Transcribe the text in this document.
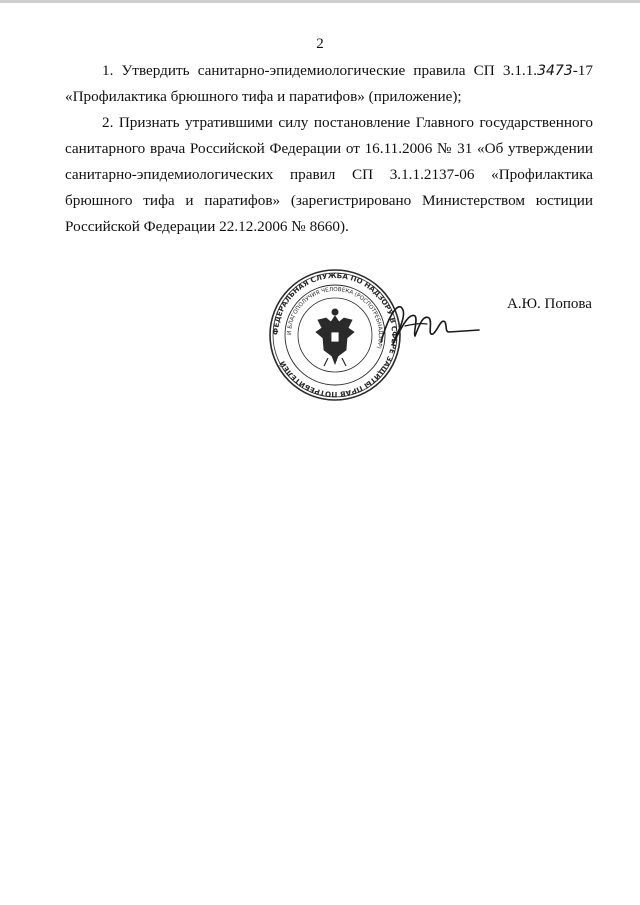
2

1. Утвердить санитарно-эпидемиологические правила СП 3.1.1.3473-17 «Профилактика брюшного тифа и паратифов» (приложение);

2. Признать утратившими силу постановление Главного государственного санитарного врача Российской Федерации от 16.11.2006 № 31 «Об утверждении санитарно-эпидемиологических правил СП 3.1.1.2137-06 «Профилактика брюшного тифа и паратифов» (зарегистрировано Министерством юстиции Российской Федерации 22.12.2006 № 8660).

ФЕДЕРАЛЬНАЯ СЛУЖБА ПО НАДЗОРУ В СФЕРЕ ЗАЩИТЫ ПРАВ ПОТРЕБИТЕЛЕЙ
И БЛАГОПОЛУЧИЯ ЧЕЛОВЕКА (РОСПОТРЕБНАДЗОР)
А.Ю. Попова
